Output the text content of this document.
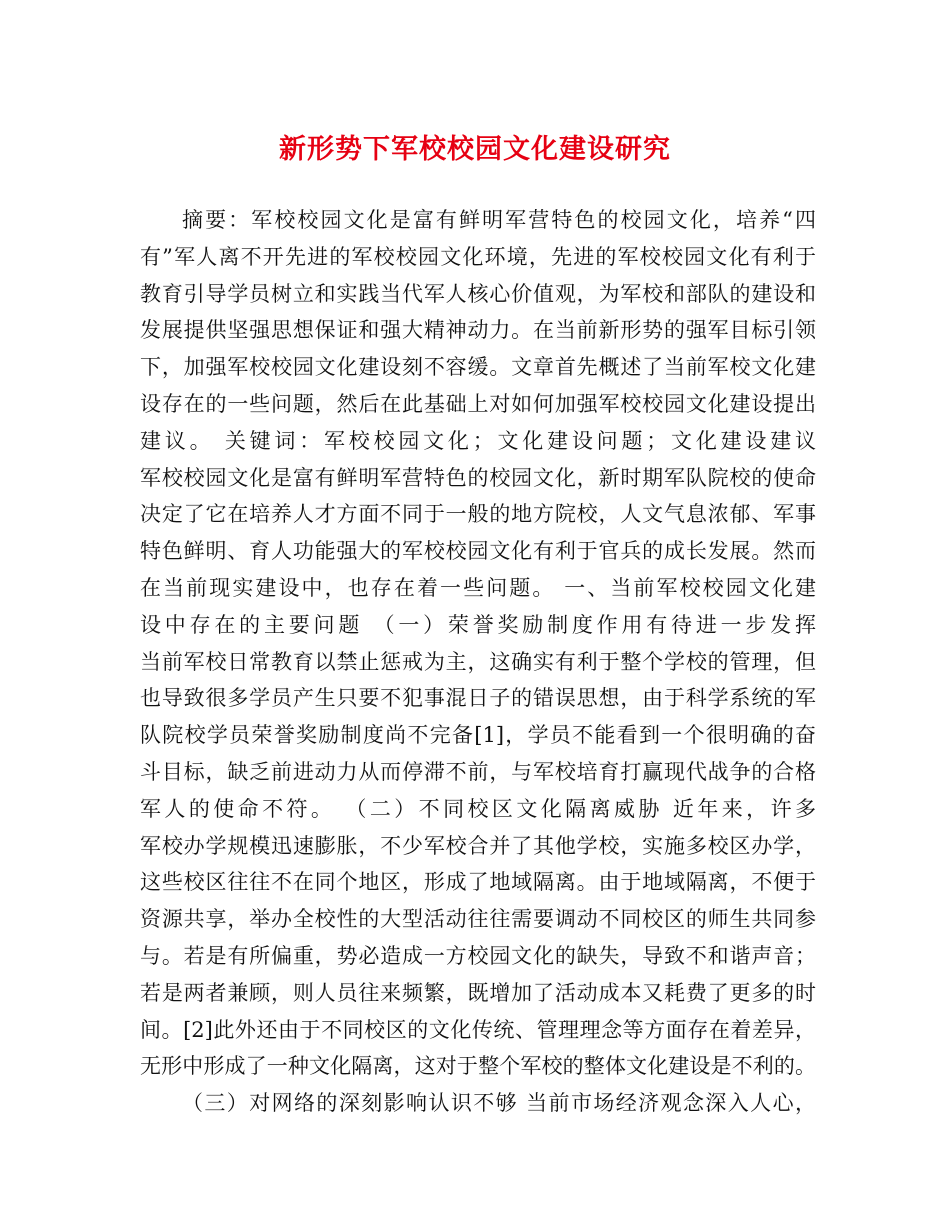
新形势下军校校园文化建设研究
摘要：军校校园文化是富有鲜明军营特色的校园文化，培养“四
有”军人离不开先进的军校校园文化环境，先进的军校校园文化有利于
教育引导学员树立和实践当代军人核心价值观，为军校和部队的建设和
发展提供坚强思想保证和强大精神动力。在当前新形势的强军目标引领
下，加强军校校园文化建设刻不容缓。文章首先概述了当前军校文化建
设存在的一些问题，然后在此基础上对如何加强军校校园文化建设提出
建议。 关键词：军校校园文化；文化建设问题；文化建设建议
军校校园文化是富有鲜明军营特色的校园文化，新时期军队院校的使命
决定了它在培养人才方面不同于一般的地方院校，人文气息浓郁、军事
特色鲜明、育人功能强大的军校校园文化有利于官兵的成长发展。然而
在当前现实建设中，也存在着一些问题。 一、当前军校校园文化建
设中存在的主要问题 （一）荣誉奖励制度作用有待进一步发挥
当前军校日常教育以禁止惩戒为主，这确实有利于整个学校的管理，但
也导致很多学员产生只要不犯事混日子的错误思想，由于科学系统的军
队院校学员荣誉奖励制度尚不完备[1]，学员不能看到一个很明确的奋
斗目标，缺乏前进动力从而停滞不前，与军校培育打赢现代战争的合格
军人的使命不符。 （二）不同校区文化隔离威胁 近年来，许多
军校办学规模迅速膨胀，不少军校合并了其他学校，实施多校区办学，
这些校区往往不在同个地区，形成了地域隔离。由于地域隔离，不便于
资源共享，举办全校性的大型活动往往需要调动不同校区的师生共同参
与。若是有所偏重，势必造成一方校园文化的缺失，导致不和谐声音；
若是两者兼顾，则人员往来频繁，既增加了活动成本又耗费了更多的时
间。[2]此外还由于不同校区的文化传统、管理理念等方面存在着差异，
无形中形成了一种文化隔离，这对于整个军校的整体文化建设是不利的。
（三）对网络的深刻影响认识不够 当前市场经济观念深入人心，
